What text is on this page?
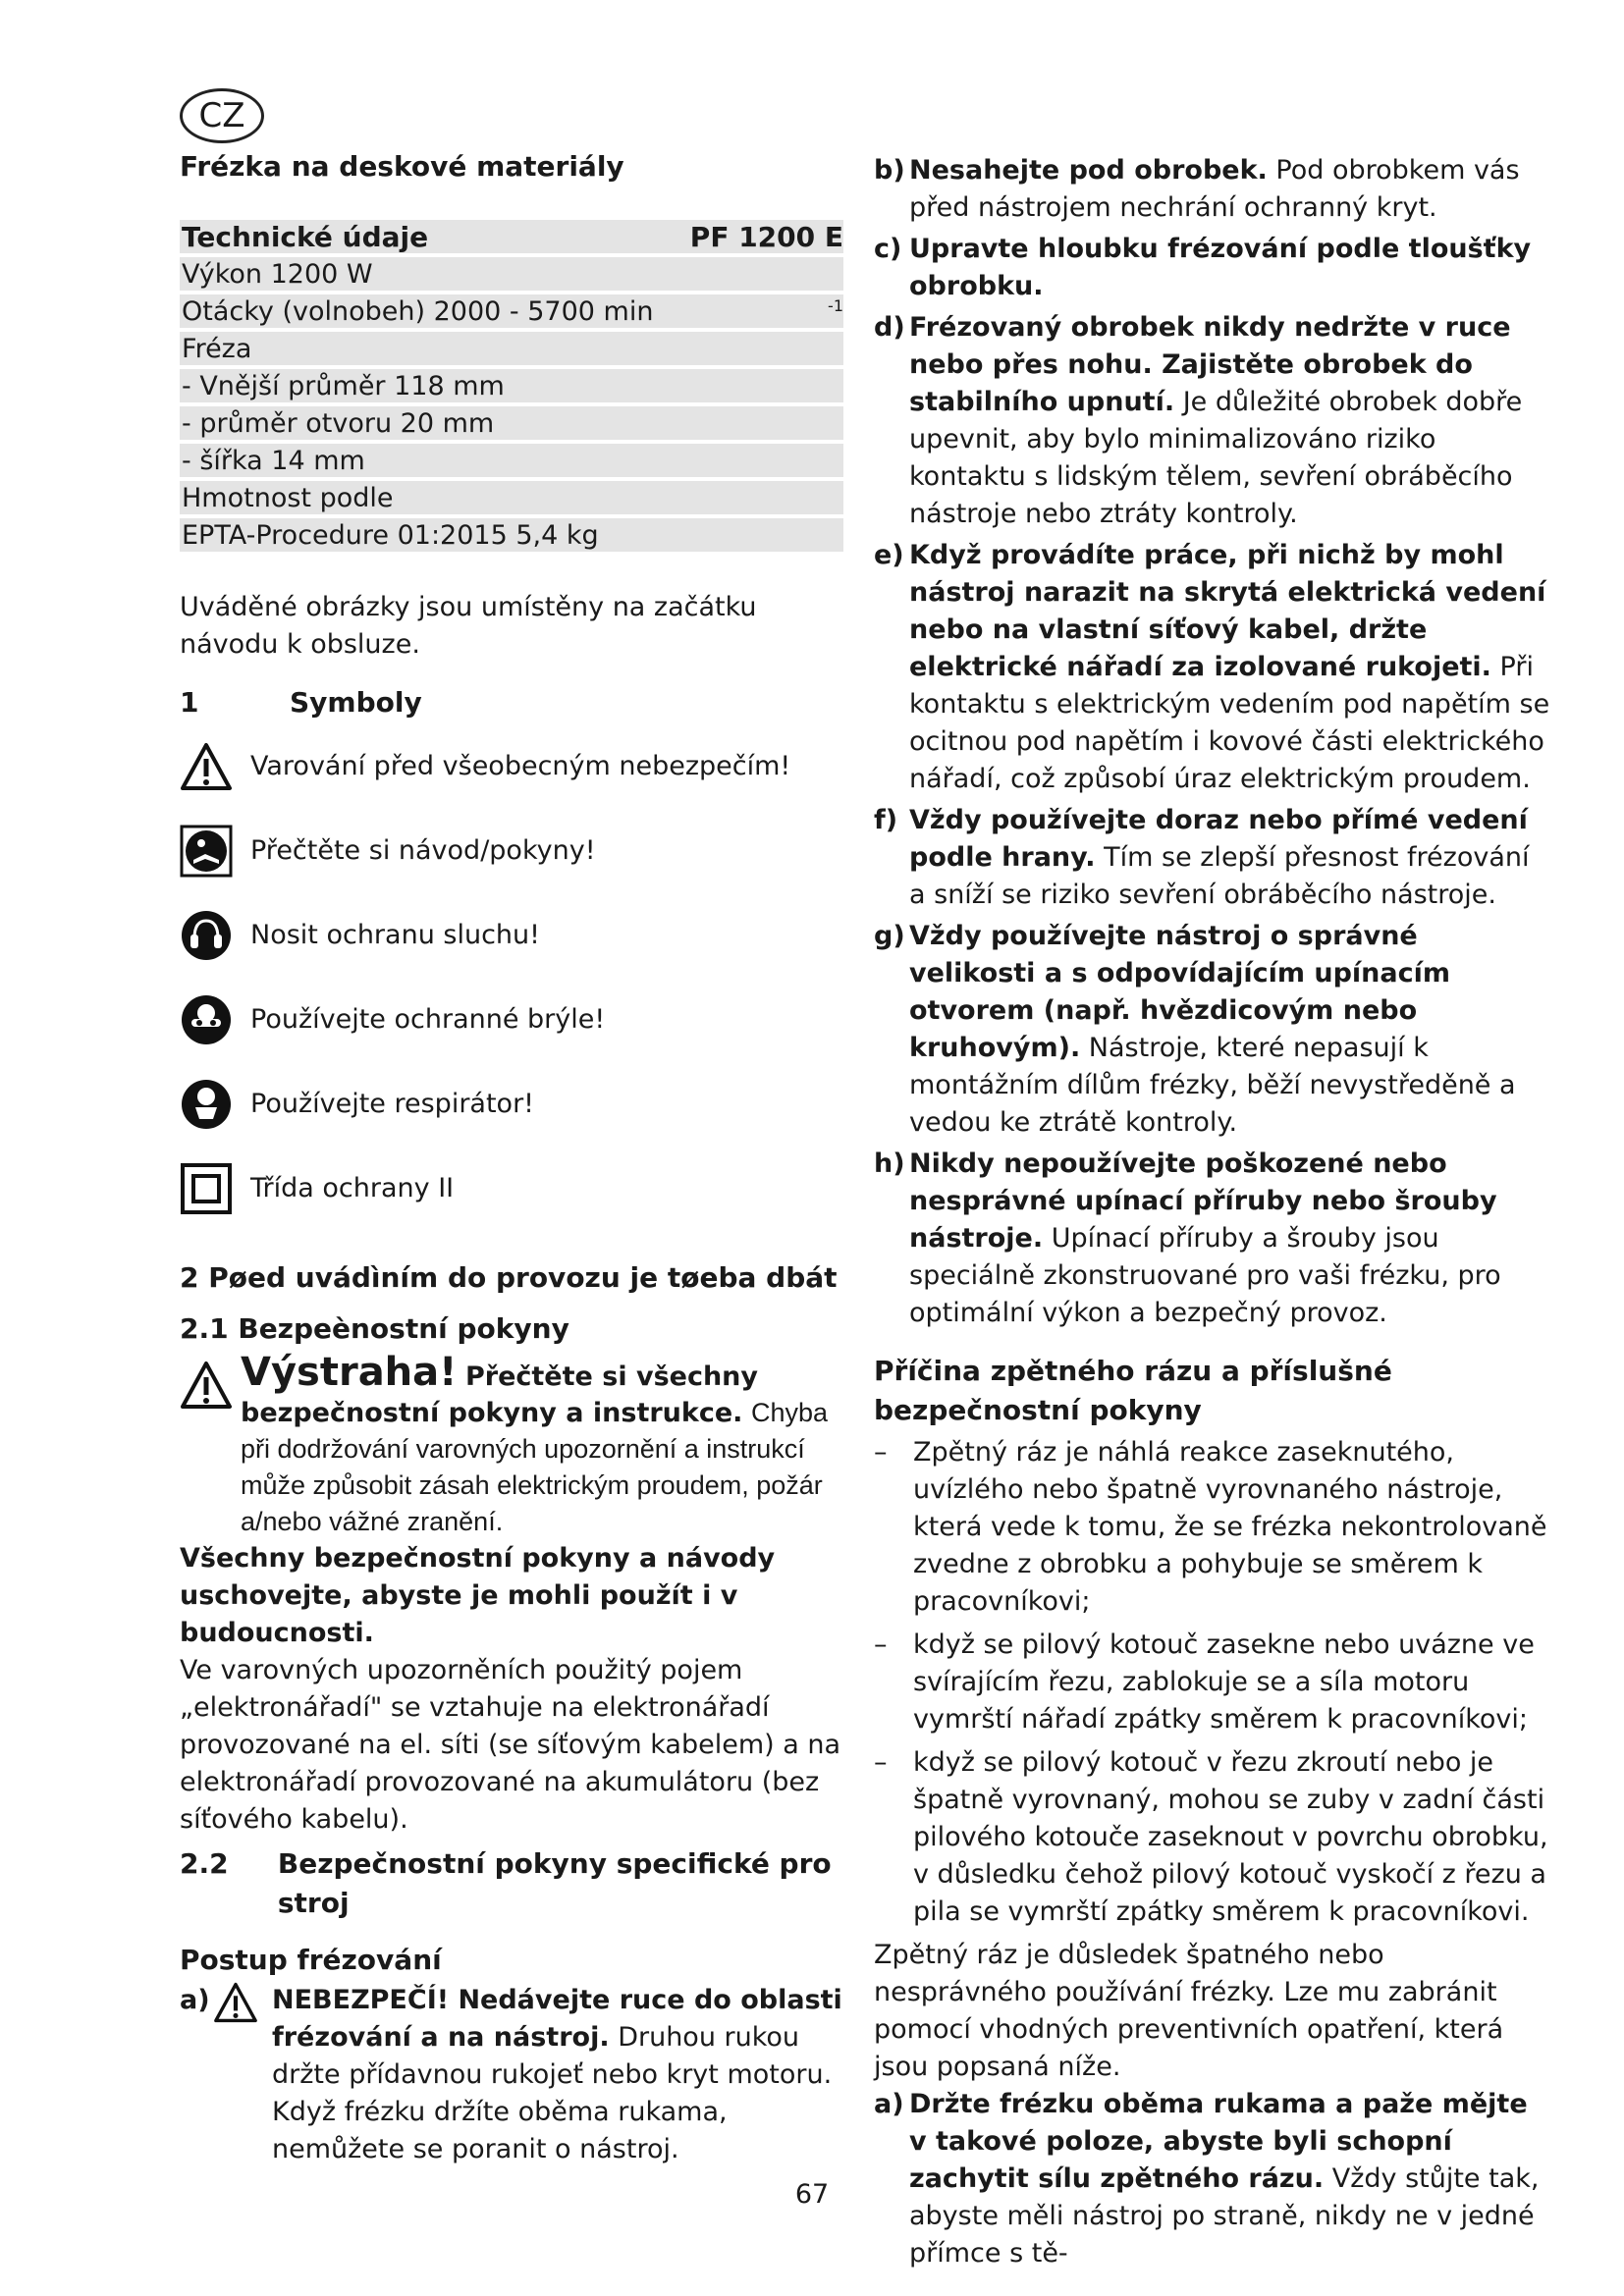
CZ
Frézka na deskové materiály
Technické údaje	PF 1200 E
Výkon 1200 W
Otácky (volnobeh) 2000 - 5700 min	$^{-1}$
Fréza
- Vnější průměr 118 mm
- průměr otvoru 20 mm
- šířka 14 mm
Hmotnost podle
EPTA-Procedure 01:2015 5,4 kg

Uváděné obrázky jsou umístěny na začátku návodu k obsluze.

1	Symboly
Varování před všeobecným nebezpečím!
Přečtěte si návod/pokyny!
Nosit ochranu sluchu!
Používejte ochranné brýle!
Používejte respirátor!
Třída ochrany II
2 Pøed uvádìním do provozu je tøeba dbát
2.1 Bezpeènostní pokyny
Výstraha! Přečtěte si všechny bezpečnostní pokyny a instrukce. Chyba při dodržování varovných upozornění a instrukcí může způsobit zásah elektrickým proudem, požár a/nebo vážné zranění.

Všechny bezpečnostní pokyny a návody uschovejte, abyste je mohli použít i v budoucnosti.

Ve varovných upozorněních použitý pojem „elektronářadí" se vztahuje na elektronářadí provozované na el. síti (se síťovým kabelem) a na elektronářadí provozované na akumulátoru (bez síťového kabelu).

2.2	Bezpečnostní pokyny specifické pro stroj
Postup frézování
a) NEBEZPEČÍ! Nedávejte ruce do oblasti frézování a na nástroj. Druhou rukou držte přídavnou rukojeť nebo kryt motoru. Když frézku držíte oběma rukama, nemůžete se poranit o nástroj.
b) Nesahejte pod obrobek. Pod obrobkem vás před nástrojem nechrání ochranný kryt.
c) Upravte hloubku frézování podle tloušťky obrobku.
d) Frézovaný obrobek nikdy nedržte v ruce nebo přes nohu. Zajistěte obrobek do stabilního upnutí. Je důležité obrobek dobře upevnit, aby bylo minimalizováno riziko kontaktu s lidským tělem, sevření obráběcího nástroje nebo ztráty kontroly.
e) Když provádíte práce, při nichž by mohl nástroj narazit na skrytá elektrická vedení nebo na vlastní síťový kabel, držte elektrické nářadí za izolované rukojeti. Při kontaktu s elektrickým vedením pod napětím se ocitnou pod napětím i kovové části elektrického nářadí, což způsobí úraz elektrickým proudem.
f) Vždy používejte doraz nebo přímé vedení podle hrany. Tím se zlepší přesnost frézování a sníží se riziko sevření obráběcího nástroje.
g) Vždy používejte nástroj o správné velikosti a s odpovídajícím upínacím otvorem (např. hvězdicovým nebo kruhovým). Nástroje, které nepasují k montážním dílům frézky, běží nevystředěně a vedou ke ztrátě kontroly.
h) Nikdy nepoužívejte poškozené nebo nesprávné upínací příruby nebo šrouby nástroje. Upínací příruby a šrouby jsou speciálně zkonstruované pro vaši frézku, pro optimální výkon a bezpečný provoz.
Příčina zpětného rázu a příslušné bezpečnostní pokyny
– Zpětný ráz je náhlá reakce zaseknutého, uvízlého nebo špatně vyrovnaného nástroje, která vede k tomu, že se frézka nekontrolovaně zvedne z obrobku a pohybuje se směrem k pracovníkovi;
– když se pilový kotouč zasekne nebo uvázne ve svírajícím řezu, zablokuje se a síla motoru vymrští nářadí zpátky směrem k pracovníkovi;
– když se pilový kotouč v řezu zkroutí nebo je špatně vyrovnaný, mohou se zuby v zadní části pilového kotouče zaseknout v povrchu obrobku, v důsledku čehož pilový kotouč vyskočí z řezu a pila se vymrští zpátky směrem k pracovníkovi.

Zpětný ráz je důsledek špatného nebo nesprávného používání frézky. Lze mu zabránit pomocí vhodných preventivních opatření, která jsou popsaná níže.

a) Držte frézku oběma rukama a paže mějte v takové poloze, abyste byli schopní zachytit sílu zpětného rázu. Vždy stůjte tak, abyste měli nástroj po straně, nikdy ne v jedné přímce s tě-
67
